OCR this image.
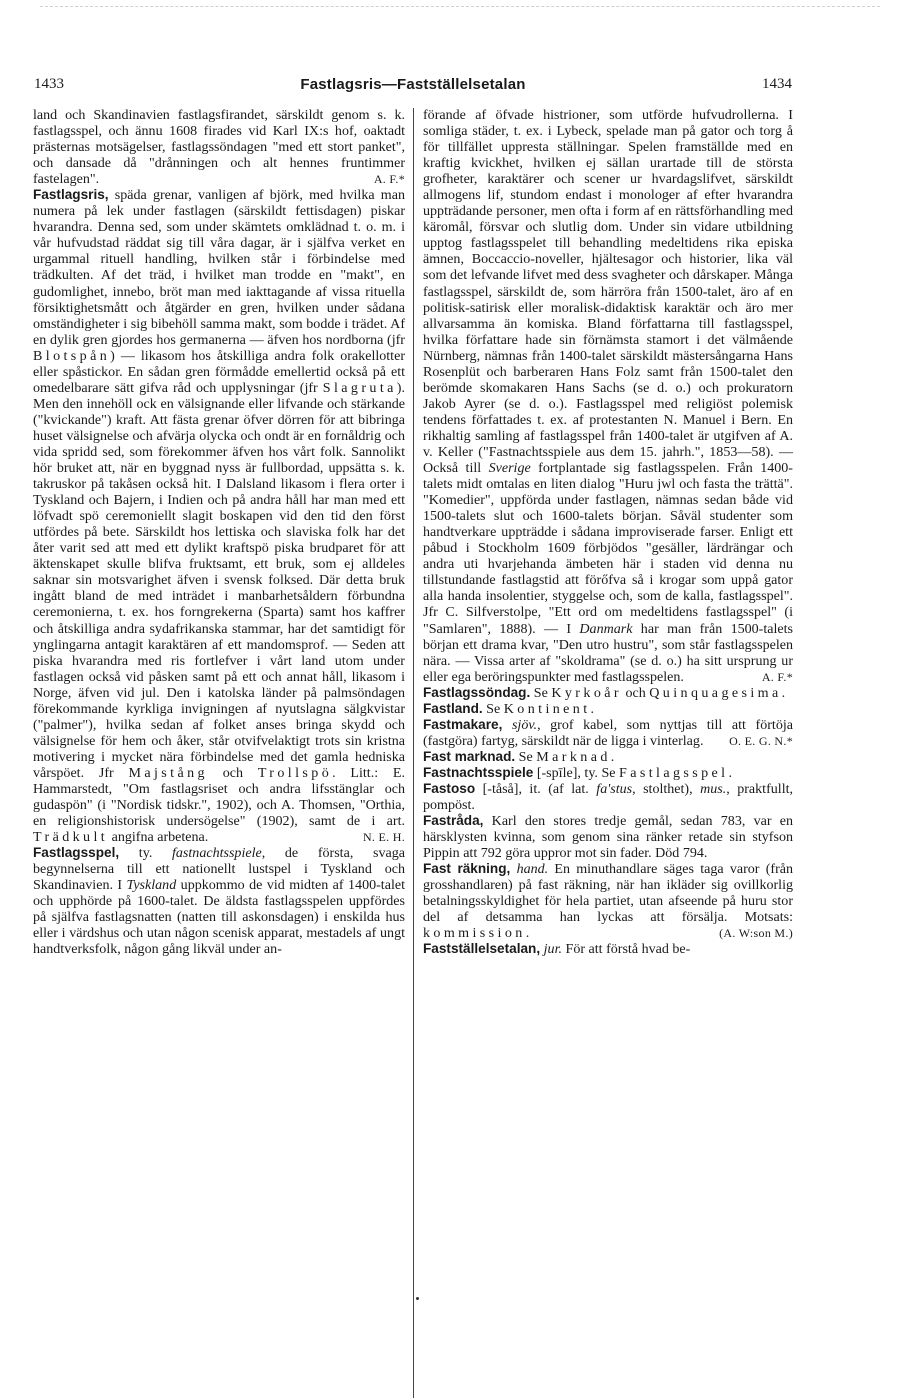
1433	Fastlagsris—Fastställelsetalan	1434

land och Skandinavien fastlagsfirandet, särskildt genom s. k. fastlagsspel, och ännu 1608 firades vid Karl IX:s hof, oaktadt prästernas motsägelser, fastlagssöndagen "med ett stort panket", och dansade då "drånningen och alt hennes fruntimmer fastelagen".	A. F.*

Fastlagsris, späda grenar, vanligen af björk, med hvilka man numera på lek under fastlagen (särskildt fettisdagen) piskar hvarandra. Denna sed, som under skämtets omklädnad t. o. m. i vår hufvudstad räddat sig till våra dagar, är i själfva verket en urgammal rituell handling, hvilken står i förbindelse med trädkulten. Af det träd, i hvilket man trodde en "makt", en gudomlighet, innebo, bröt man med iakttagande af vissa rituella försiktighetsmått och åtgärder en gren, hvilken under sådana omständigheter i sig bibehöll samma makt, som bodde i trädet. Af en dylik gren gjordes hos germanerna — äfven hos nordborna (jfr Blotspån) — likasom hos åtskilliga andra folk orakellotter eller spåstickor. En sådan gren förmådde emellertid också på ett omedelbarare sätt gifva råd och upplysningar (jfr Slagruta). Men den innehöll ock en välsignande eller lifvande och stärkande ("kvickande") kraft. Att fästa grenar öfver dörren för att bibringa huset välsignelse och afvärja olycka och ondt är en fornåldrig och vida spridd sed, som förekommer äfven hos vårt folk. Sannolikt hör bruket att, när en byggnad nyss är fullbordad, uppsätta s. k. takruskor på takåsen också hit. I Dalsland likasom i flera orter i Tyskland och Bajern, i Indien och på andra håll har man med ett löfvadt spö ceremoniellt slagit boskapen vid den tid den först utfördes på bete. Särskildt hos lettiska och slaviska folk har det åter varit sed att med ett dylikt kraftspö piska brudparet för att äktenskapet skulle blifva fruktsamt, ett bruk, som ej alldeles saknar sin motsvarighet äfven i svensk folksed. Där detta bruk ingått bland de med inträdet i manbarhetsåldern förbundna ceremonierna, t. ex. hos forngrekerna (Sparta) samt hos kaffrer och åtskilliga andra sydafrikanska stammar, har det samtidigt för ynglingarna antagit karaktären af ett mandomsprof. — Seden att piska hvarandra med ris fortlefver i vårt land utom under fastlagen också vid påsken samt på ett och annat håll, likasom i Norge, äfven vid jul. Den i katolska länder på palmsöndagen förekommande kyrkliga invigningen af nyutslagna sälgkvistar ("palmer"), hvilka sedan af folket anses bringa skydd och välsignelse för hem och åker, står otvifvelaktigt trots sin kristna motivering i mycket nära förbindelse med det gamla hedniska vårspöet. Jfr Majstång och Trollspö. Litt.: E. Hammarstedt, "Om fastlagsriset och andra lifsstänglar och gudaspön" (i "Nordisk tidskr.", 1902), och A. Thomsen, "Orthia, en religionshistorisk undersögelse" (1902), samt de i art. Trädkult angifna arbetena.	N. E. H.

Fastlagsspel, ty. fastnachtsspiele, de första, svaga begynnelserna till ett nationellt lustspel i Tyskland och Skandinavien. I Tyskland uppkommo de vid midten af 1400-talet och upphörde på 1600-talet. De äldsta fastlagsspelen uppfördes på själfva fastlagsnatten (natten till askonsdagen) i enskilda hus eller i värdshus och utan någon scenisk apparat, mestadels af ungt handtverksfolk, någon gång likväl under an-

förande af öfvade histrioner, som utförde hufvudrollerna. I somliga städer, t. ex. i Lybeck, spelade man på gator och torg å för tillfället uppresta ställningar. Spelen framställde med en kraftig kvickhet, hvilken ej sällan urartade till de största grofheter, karaktärer och scener ur hvardagslifvet, särskildt allmogens lif, stundom endast i monologer af efter hvarandra uppträdande personer, men ofta i form af en rättsförhandling med käromål, försvar och slutlig dom. Under sin vidare utbildning upptog fastlagsspelet till behandling medeltidens rika episka ämnen, Boccaccio-noveller, hjältesagor och historier, lika väl som det lefvande lifvet med dess svagheter och dårskaper. Många fastlagsspel, särskildt de, som härröra från 1500-talet, äro af en politisk-satirisk eller moralisk-didaktisk karaktär och äro mer allvarsamma än komiska. Bland författarna till fastlagsspel, hvilka författare hade sin förnämsta stamort i det välmående Nürnberg, nämnas från 1400-talet särskildt mästersångarna Hans Rosenplüt och barberaren Hans Folz samt från 1500-talet den berömde skomakaren Hans Sachs (se d. o.) och prokuratorn Jakob Ayrer (se d. o.). Fastlagsspel med religiöst polemisk tendens författades t. ex. af protestanten N. Manuel i Bern. En rikhaltig samling af fastlagsspel från 1400-talet är utgifven af A. v. Keller ("Fastnachtsspiele aus dem 15. jahrh.", 1853—58). — Också till Sverige fortplantade sig fastlagsspelen. Från 1400-talets midt omtalas en liten dialog "Huru jwl och fasta the trättä". "Komedier", uppförda under fastlagen, nämnas sedan både vid 1500-talets slut och 1600-talets början. Såväl studenter som handtverkare uppträdde i sådana improviserade farser. Enligt ett påbud i Stockholm 1609 förbjödos "gesäller, lärdrängar och andra uti hvarjehanda ämbeten här i staden vid denna nu tillstundande fastlagstid att förőfva så i krogar som uppå gator alla handa insolentier, styggelse och, som de kalla, fastlagsspel". Jfr C. Silfverstolpe, "Ett ord om medeltidens fastlagsspel" (i "Samlaren", 1888). — I Danmark har man från 1500-talets början ett drama kvar, "Den utro hustru", som står fastlagsspelen nära. — Vissa arter af "skoldrama" (se d. o.) ha sitt ursprung ur eller ega beröringspunkter med fastlagsspelen.	A. F.*

Fastlagssöndag. Se Kyrkoår och Quinquagesima.

Fastland. Se Kontinent.

Fastmakare, sjöv., grof kabel, som nyttjas till att förtöja (fastgöra) fartyg, särskildt när de ligga i vinterlag. O. E. G. N.*

Fast marknad. Se Marknad.

Fastnachtsspiele [-spīle], ty. Se Fastlagsspel.

Fastoso [-tåså], it. (af lat. fa'stus, stolthet), mus., praktfullt, pompöst.

Fastråda, Karl den stores tredje gemål, sedan 783, var en härsklysten kvinna, som genom sina ränker retade sin styfson Pippin att 792 göra uppror mot sin fader. Död 794.

Fast räkning, hand. En minuthandlare säges taga varor (från grosshandlaren) på fast räkning, när han ikläder sig ovillkorlig betalningsskyldighet för hela partiet, utan afseende på huru stor del af detsamma han lyckas att försälja. Motsats: kommission.	(A. W:son M.)

Fastställelsetalan, jur. För att förstå hvad be-
